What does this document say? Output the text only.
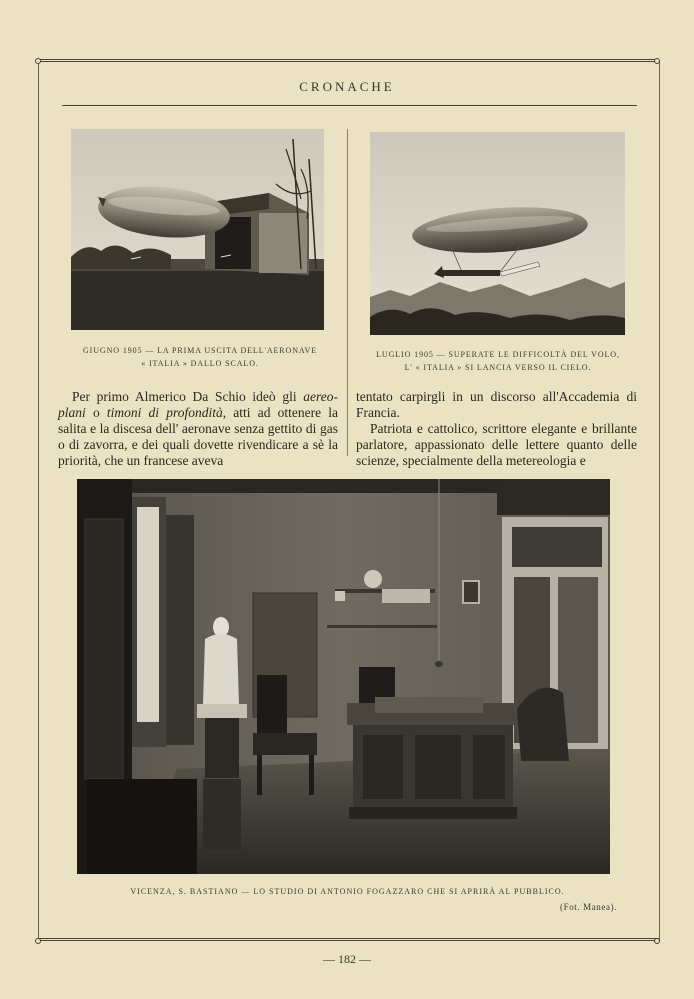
CRONACHE
GIUGNO 1905 — LA PRIMA USCITA DELL'AERONAVE
« ITALIA » DALLO SCALO.
LUGLIO 1905 — SUPERATE LE DIFFICOLTÀ DEL VOLO,
L' « ITALIA » SI LANCIA VERSO IL CIELO.

Per primo Almerico Da Schio ideò gli aereo-plani o timoni di profondità, atti ad ottenere la salita e la discesa dell' aeronave senza gettito di gas o di zavorra, e dei quali dovette rivendicare a sè la priorità, che un francese aveva

tentato carpirgli in un discorso all'Accademia di Francia.

Patriota e cattolico, scrittore elegante e brillante parlatore, appassionato delle lettere quanto delle scienze, specialmente della metereologia e

VICENZA, S. BASTIANO — LO STUDIO DI ANTONIO FOGAZZARO CHE SI APRIRÀ AL PUBBLICO.
(Fot. Manea).
— 182 —
